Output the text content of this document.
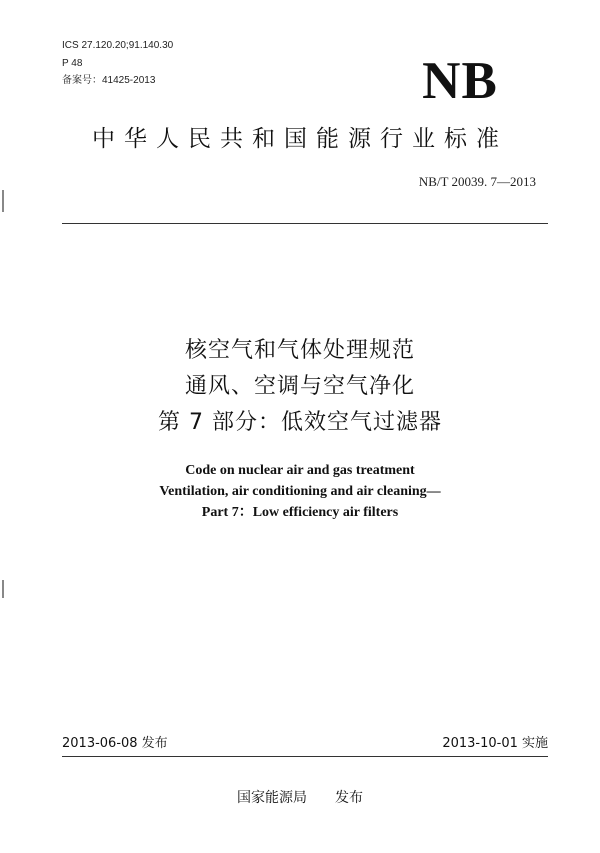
ICS 27.120.20;91.140.30
P 48
备案号：41425-2013	NB
中华人民共和国能源行业标准
NB/T 20039. 7—2013
核空气和气体处理规范
通风、空调与空气净化
第 7 部分：低效空气过滤器
Code on nuclear air and gas treatment
Ventilation, air conditioning and air cleaning—
Part 7：Low efficiency air filters
2013-06-08 发布	2013-10-01 实施
国家能源局 发布
